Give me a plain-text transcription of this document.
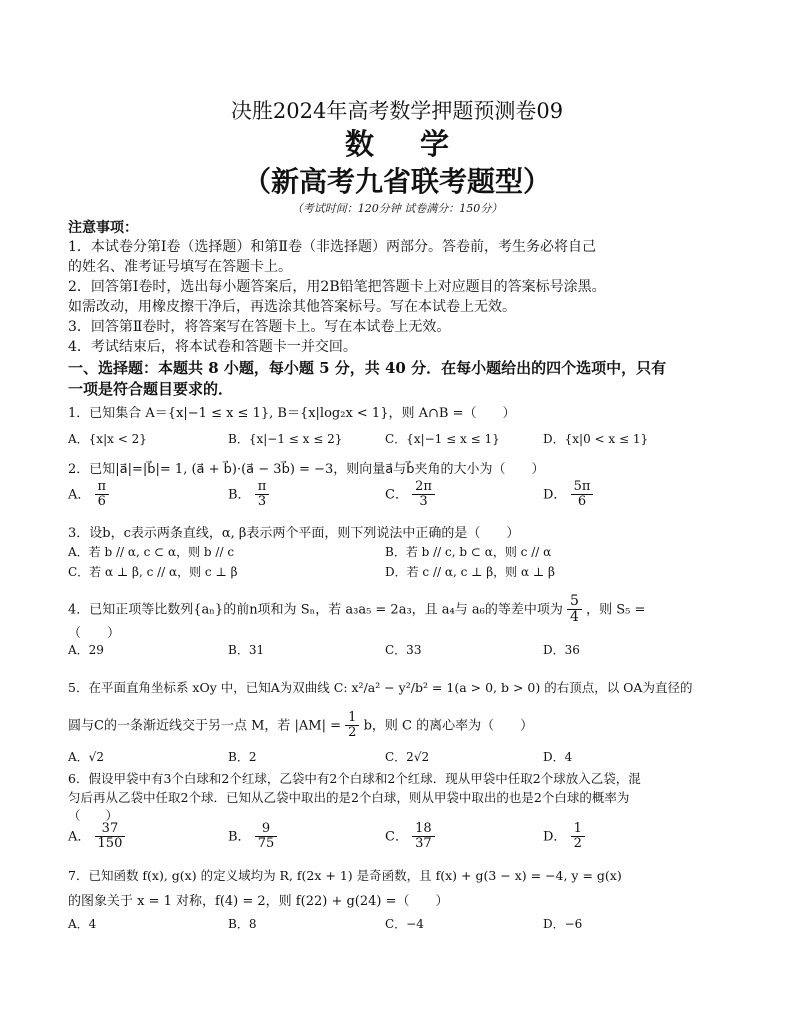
决胜2024年高考数学押题预测卷09
数 学
（新高考九省联考题型）
（考试时间：120分钟 试卷满分：150分）
注意事项：
1．本试卷分第Ⅰ卷（选择题）和第Ⅱ卷（非选择题）两部分。答卷前，考生务必将自己
的姓名、准考证号填写在答题卡上。
2．回答第Ⅰ卷时，选出每小题答案后，用2B铅笔把答题卡上对应题目的答案标号涂黑。
如需改动，用橡皮擦干净后，再选涂其他答案标号。写在本试卷上无效。
3．回答第Ⅱ卷时，将答案写在答题卡上。写在本试卷上无效。
4．考试结束后，将本试卷和答题卡一并交回。
一、选择题：本题共 8 小题，每小题 5 分，共 40 分．在每小题给出的四个选项中，只有
一项是符合题目要求的．
1．已知集合 A＝{x|−1 ≤ x ≤ 1}, B＝{x|log₂x < 1}，则 A∩B =（　　）
A．{x|x < 2}	B．{x|−1 ≤ x ≤ 2}	C．{x|−1 ≤ x ≤ 1}	D．{x|0 < x ≤ 1}
2．已知|a⃗|=|b⃗|= 1, (a⃗ + b⃗)·(a⃗ − 3b⃗) = −3，则向量a⃗与b⃗夹角的大小为（　　）
A． $\frac{\pi}{6}$	B． $\frac{\pi}{3}$	C． $\frac{2\pi}{3}$	D． $\frac{5\pi}{6}$
3．设b，c表示两条直线，α, β表示两个平面，则下列说法中正确的是（　　）
A．若 b // α, c ⊂ α，则 b // c	B．若 b // c, b ⊂ α，则 c // α
C．若 α ⊥ β, c // α，则 c ⊥ β	D．若 c // α, c ⊥ β，则 α ⊥ β
4．已知正项等比数列{aₙ}的前n项和为 Sₙ，若 a₃a₅ = 2a₃，且 a₄与 a₆的等差中项为 $\frac{5}{4}$ ，则 S₅ =
（　　）
A．29	B．31	C．33	D．36
5．在平面直角坐标系 xOy 中，已知A为双曲线 C: x²/a² − y²/b² = 1(a > 0, b > 0) 的右顶点，以 OA为直径的
圆与C的一条渐近线交于另一点 M，若 $|AM| = \frac{1}{2}$ b，则 C 的离心率为（　　）
A．√2	B．2	C．2√2	D．4
6．假设甲袋中有3个白球和2个红球，乙袋中有2个白球和2个红球．现从甲袋中任取2个球放入乙袋，混
匀后再从乙袋中任取2个球．已知从乙袋中取出的是2个白球，则从甲袋中取出的也是2个白球的概率为
（　　）
A． $\frac{37}{150}$	B． $\frac{9}{75}$	C． $\frac{18}{37}$	D． $\frac{1}{2}$
7．已知函数 f(x), g(x) 的定义域均为 R, f(2x + 1) 是奇函数，且 f(x) + g(3 − x) = −4, y = g(x)
的图象关于 x = 1 对称，f(4) = 2，则 f(22) + g(24) =（　　）
A．4	B．8	C．−4	D．−6
